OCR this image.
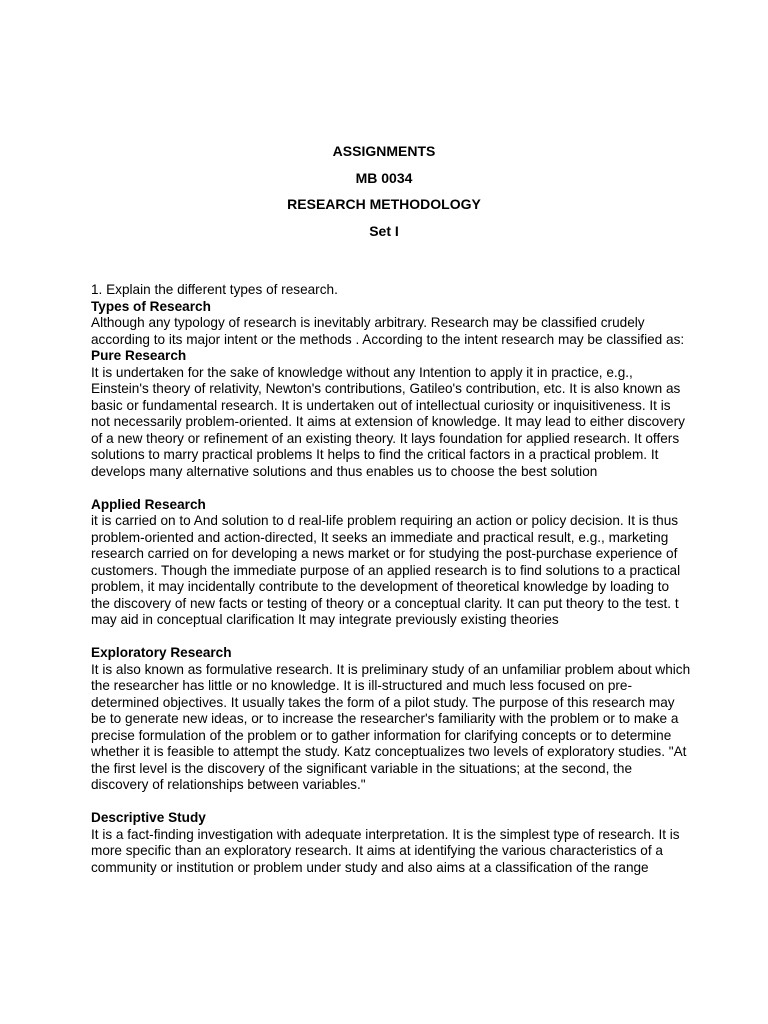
ASSIGNMENTS

MB 0034

RESEARCH METHODOLOGY

Set I

1. Explain the different types of research.

Types of Research

Although any typology of research is inevitably arbitrary. Research may be classified crudely according to its major intent or the methods . According to the intent research may be classified as:

Pure Research

It is undertaken for the sake of knowledge without any Intention to apply it in practice, e.g., Einstein's theory of relativity, Newton's contributions, Gatileo's contribution, etc. It is also known as basic or fundamental research. It is undertaken out of intellectual curiosity or inquisitiveness. It is not necessarily problem-oriented. It aims at extension of knowledge. It may lead to either discovery of a new theory or refinement of an existing theory. It lays foundation for applied research. It offers solutions to marry practical problems It helps to find the critical factors in a practical problem. It develops many alternative solutions and thus enables us to choose the best solution

Applied Research

it is carried on to And solution to d real-life problem requiring an action or policy decision. It is thus problem-oriented and action-directed, It seeks an immediate and practical result, e.g., marketing research carried on for developing a news market or for studying the post-purchase experience of customers. Though the immediate purpose of an applied research is to find solutions to a practical problem, it may incidentally contribute to the development of theoretical knowledge by loading to the discovery of new facts or testing of theory or a conceptual clarity. It can put theory to the test. t may aid in conceptual clarification It may integrate previously existing theories

Exploratory Research

It is also known as formulative research. It is preliminary study of an unfamiliar problem about which the researcher has little or no knowledge. It is ill-structured and much less focused on pre-determined objectives. It usually takes the form of a pilot study. The purpose of this research may be to generate new ideas, or to increase the researcher's familiarity with the problem or to make a precise formulation of the problem or to gather information for clarifying concepts or to determine whether it is feasible to attempt the study. Katz conceptualizes two levels of exploratory studies. "At the first level is the discovery of the significant variable in the situations; at the second, the discovery of relationships between variables."

Descriptive Study

It is a fact-finding investigation with adequate interpretation. It is the simplest type of research. It is more specific than an exploratory research. It aims at identifying the various characteristics of a community or institution or problem under study and also aims at a classification of the range
